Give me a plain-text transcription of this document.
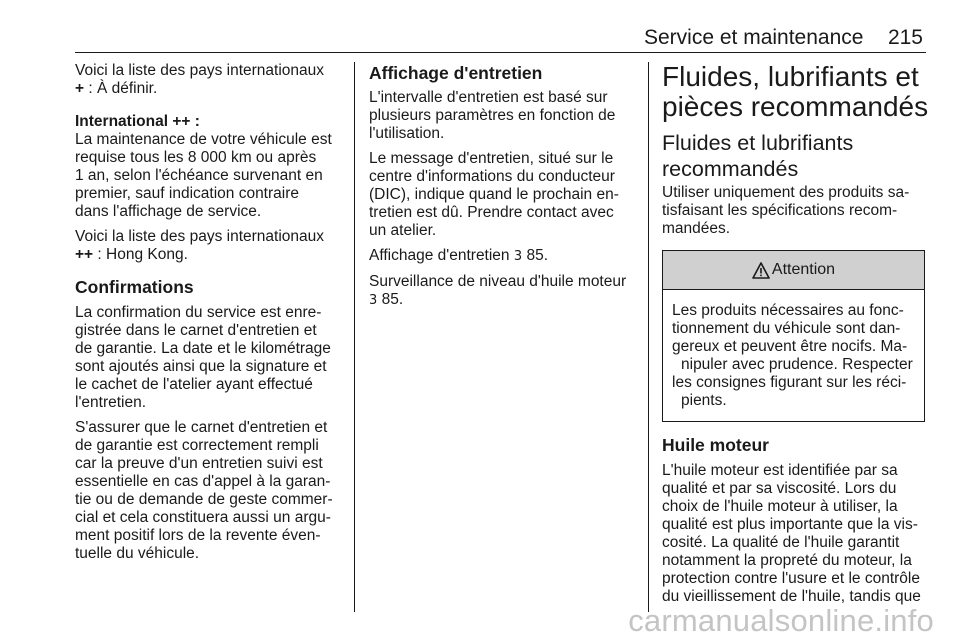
Service et maintenance 215

Voici la liste des pays internationaux

+ : À définir.

International ++ :

La maintenance de votre véhicule est

requise tous les 8 000 km ou après

1 an, selon l'échéance survenant en

premier, sauf indication contraire

dans l'affichage de service.

Voici la liste des pays internationaux

++ : Hong Kong.

Confirmations

La confirmation du service est enre-

gistrée dans le carnet d'entretien et

de garantie. La date et le kilométrage

sont ajoutés ainsi que la signature et

le cachet de l'atelier ayant effectué

l'entretien.

S'assurer que le carnet d'entretien et

de garantie est correctement rempli

car la preuve d'un entretien suivi est

essentielle en cas d'appel à la garan-

tie ou de demande de geste commer-

cial et cela constituera aussi un argu-

ment positif lors de la revente éven-

tuelle du véhicule.

Affichage d'entretien

L'intervalle d'entretien est basé sur

plusieurs paramètres en fonction de

l'utilisation.

Le message d'entretien, situé sur le

centre d'informations du conducteur

(DIC), indique quand le prochain en-

tretien est dû. Prendre contact avec

un atelier.

Affichage d'entretien 3 85.

Surveillance de niveau d'huile moteur

3 85.

Fluides, lubrifiants et
pièces recommandés
Fluides et lubrifiants
recommandés

Utiliser uniquement des produits sa-

tisfaisant les spécifications recom-

mandées.

Attention

Les produits nécessaires au fonc-

tionnement du véhicule sont dan-

gereux et peuvent être nocifs. Ma-

nipuler avec prudence. Respecter

les consignes figurant sur les réci-

pients.

Huile moteur

L'huile moteur est identifiée par sa

qualité et par sa viscosité. Lors du

choix de l'huile moteur à utiliser, la

qualité est plus importante que la vis-

cosité. La qualité de l'huile garantit

notamment la propreté du moteur, la

protection contre l'usure et le contrôle

du vieillissement de l'huile, tandis que

carmanualsonline.info
